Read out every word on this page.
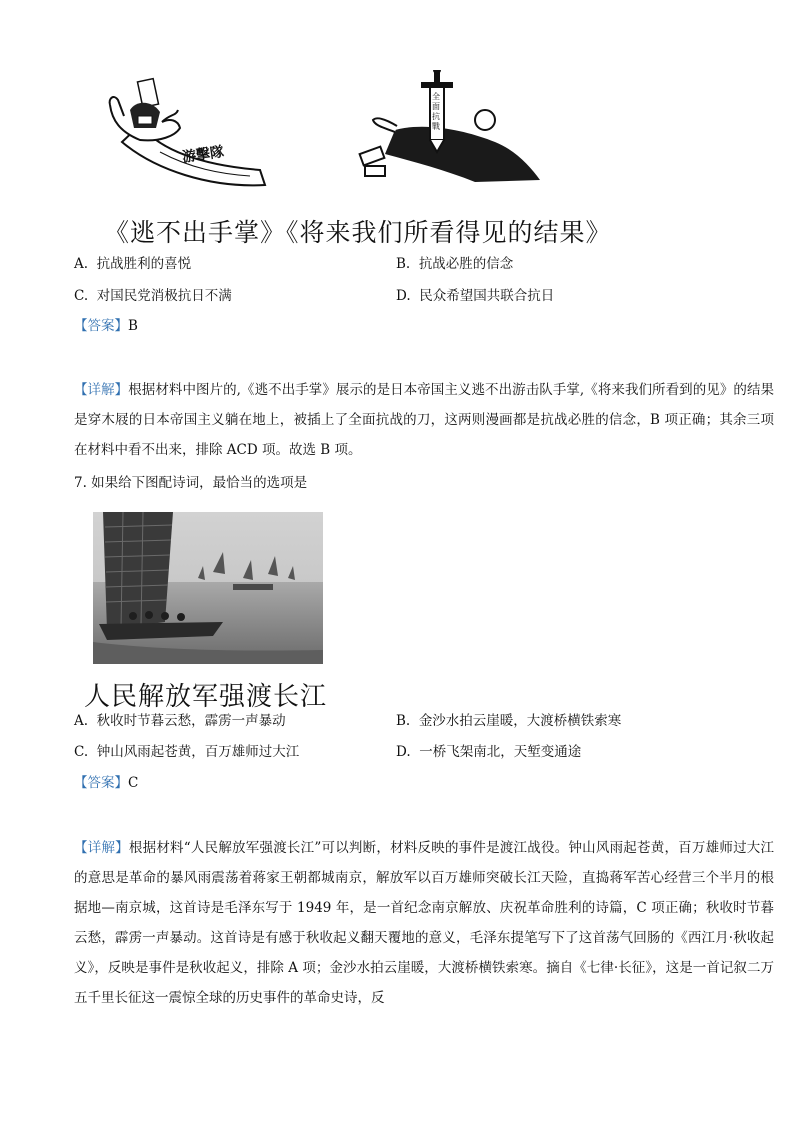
游擊隊
全面抗戰
《逃不出手掌》《将来我们所看得见的结果》
A. 抗战胜利的喜悦	B. 抗战必胜的信念
C. 对国民党消极抗日不满	D. 民众希望国共联合抗日
【答案】B
【详解】根据材料中图片的,《逃不出手掌》展示的是日本帝国主义逃不出游击队手掌,《将来我们所看到的见》的结果是穿木屐的日本帝国主义躺在地上，被插上了全面抗战的刀，这两则漫画都是抗战必胜的信念，B 项正确；其余三项在材料中看不出来，排除 ACD 项。故选 B 项。
7. 如果给下图配诗词，最恰当的选项是
人民解放军强渡长江
A. 秋收时节暮云愁，霹雳一声暴动	B. 金沙水拍云崖暖，大渡桥横铁索寒
C. 钟山风雨起苍黄，百万雄师过大江	D. 一桥飞架南北，天堑变通途
【答案】C
【详解】根据材料“人民解放军强渡长江”可以判断，材料反映的事件是渡江战役。钟山风雨起苍黄，百万雄师过大江的意思是革命的暴风雨震荡着蒋家王朝都城南京，解放军以百万雄师突破长江天险，直捣蒋军苦心经营三个半月的根据地—南京城，这首诗是毛泽东写于 1949 年，是一首纪念南京解放、庆祝革命胜利的诗篇，C 项正确；秋收时节暮云愁，霹雳一声暴动。这首诗是有感于秋收起义翻天覆地的意义，毛泽东提笔写下了这首荡气回肠的《西江月·秋收起义》，反映是事件是秋收起义，排除 A 项；金沙水拍云崖暖，大渡桥横铁索寒。摘自《七律·长征》，这是一首记叙二万五千里长征这一震惊全球的历史事件的革命史诗，反
